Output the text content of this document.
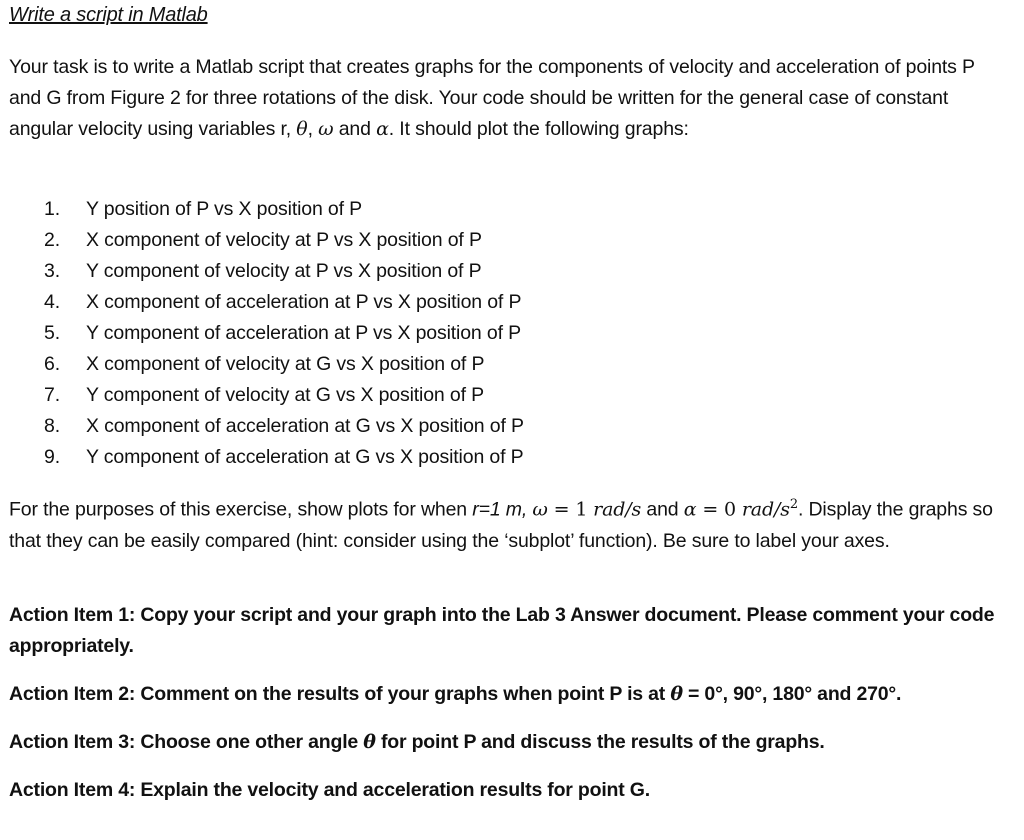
Write a script in Matlab

Your task is to write a Matlab script that creates graphs for the components of velocity and acceleration of points P and G from Figure 2 for three rotations of the disk. Your code should be written for the general case of constant angular velocity using variables r, θ, ω and α. It should plot the following graphs:

1.	Y position of P vs X position of P
2.	X component of velocity at P vs X position of P
3.	Y component of velocity at P vs X position of P
4.	X component of acceleration at P vs X position of P
5.	Y component of acceleration at P vs X position of P
6.	X component of velocity at G vs X position of P
7.	Y component of velocity at G vs X position of P
8.	X component of acceleration at G vs X position of P
9.	Y component of acceleration at G vs X position of P

For the purposes of this exercise, show plots for when r=1 m, ω = 1 rad/s and α = 0 rad/$s^2$. Display the graphs so that they can be easily compared (hint: consider using the ‘subplot’ function). Be sure to label your axes.

Action Item 1: Copy your script and your graph into the Lab 3 Answer document. Please comment your code appropriately.

Action Item 2: Comment on the results of your graphs when point P is at θ = 0°, 90°, 180° and 270°.

Action Item 3: Choose one other angle θ for point P and discuss the results of the graphs.

Action Item 4: Explain the velocity and acceleration results for point G.
